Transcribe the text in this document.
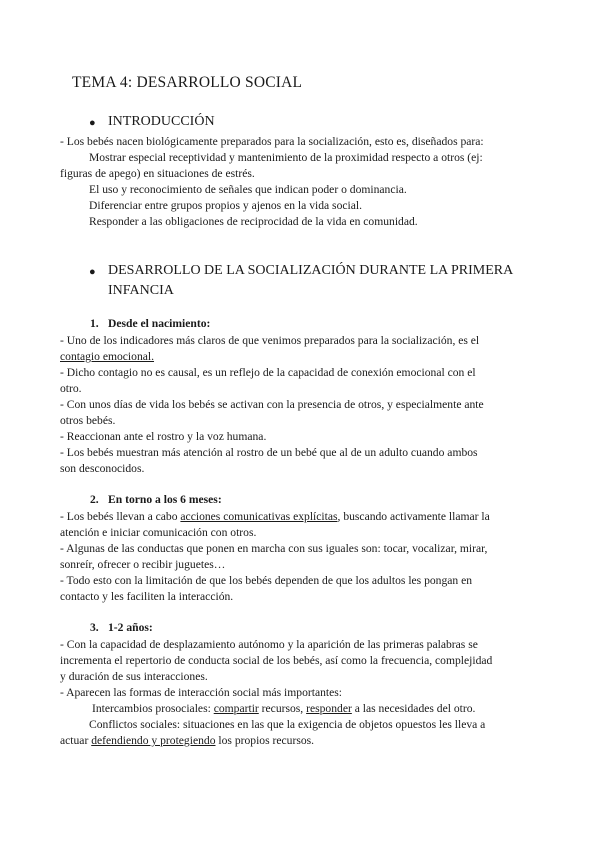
TEMA 4: DESARROLLO SOCIAL
● INTRODUCCIÓN

- Los bebés nacen biológicamente preparados para la socialización, esto es, diseñados para:

Mostrar especial receptividad y mantenimiento de la proximidad respecto a otros (ej:

figuras de apego) en situaciones de estrés.

El uso y reconocimiento de señales que indican poder o dominancia.

Diferenciar entre grupos propios y ajenos en la vida social.

Responder a las obligaciones de reciprocidad de la vida en comunidad.

● DESARROLLO DE LA SOCIALIZACIÓN DURANTE LA PRIMERA
INFANCIA
1. Desde el nacimiento:

- Uno de los indicadores más claros de que venimos preparados para la socialización, es el

contagio emocional.

- Dicho contagio no es causal, es un reflejo de la capacidad de conexión emocional con el

otro.

- Con unos días de vida los bebés se activan con la presencia de otros, y especialmente ante

otros bebés.

- Reaccionan ante el rostro y la voz humana.

- Los bebés muestran más atención al rostro de un bebé que al de un adulto cuando ambos

son desconocidos.

2. En torno a los 6 meses:

- Los bebés llevan a cabo acciones comunicativas explícitas, buscando activamente llamar la

atención e iniciar comunicación con otros.

- Algunas de las conductas que ponen en marcha con sus iguales son: tocar, vocalizar, mirar,

sonreír, ofrecer o recibir juguetes…

- Todo esto con la limitación de que los bebés dependen de que los adultos les pongan en

contacto y les faciliten la interacción.

3. 1-2 años:

- Con la capacidad de desplazamiento autónomo y la aparición de las primeras palabras se

incrementa el repertorio de conducta social de los bebés, así como la frecuencia, complejidad

y duración de sus interacciones.

- Aparecen las formas de interacción social más importantes:

Intercambios prosociales: compartir recursos, responder a las necesidades del otro.

Conflictos sociales: situaciones en las que la exigencia de objetos opuestos les lleva a

actuar defendiendo y protegiendo los propios recursos.
